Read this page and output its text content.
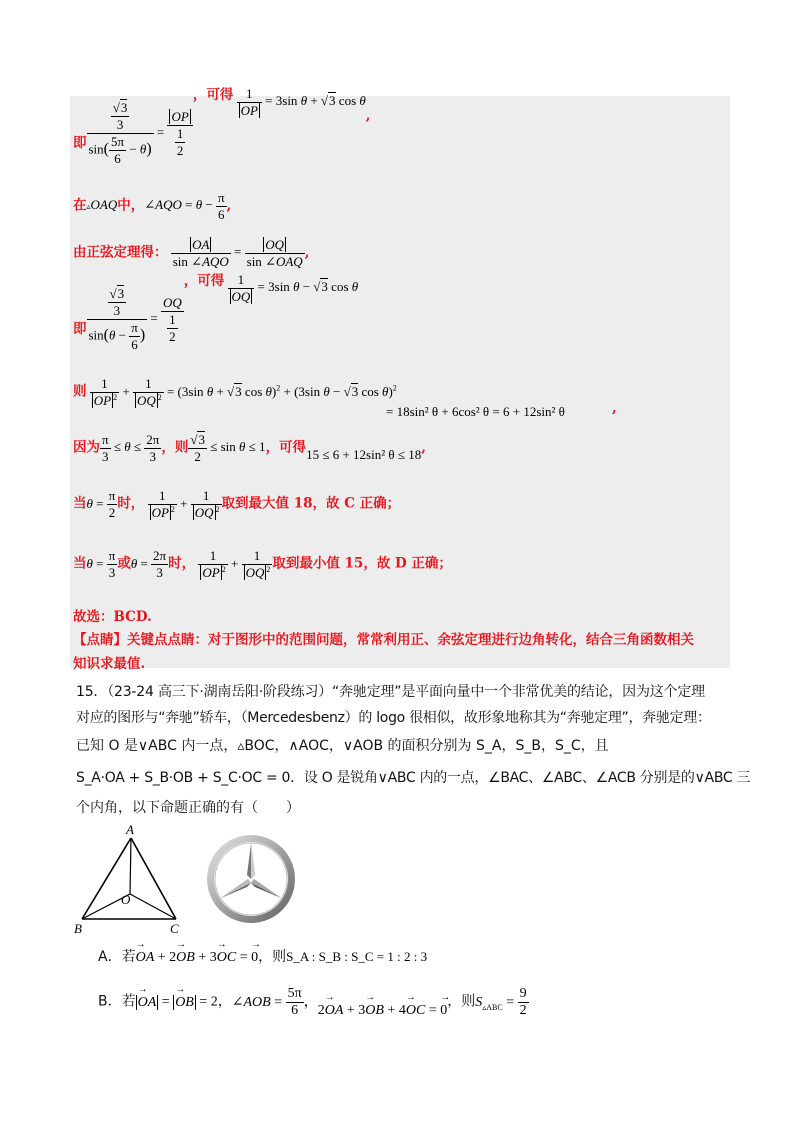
即 $\frac{\frac{√3}{3}}{\sin( \frac{5\pi}{6} - \theta)} = \frac{OP}{\frac{1}{2}}$
，可得 $\frac{1}{OP} = 3\sin$ θ + √3 cos θ,
在▵OAQ中，∠AQO = $\theta - \frac{\pi}{6}$ ,
由正弦定理得：	OA
sin ∠AQO
=	OQ
sin ∠OAQ
,
即 $\frac{\frac{√3}{3}}{\sin(\theta - \frac{\pi}{6} )} = \frac{OQ}{\frac{1}{2}}$
，可得 $\frac{1}{OQ} = 3\sin$ θ − √3 cos θ
则 $\frac{1}{OP ^2} + \frac{1}{OQ ^2} = (3\sin$ θ + √3 cos θ)$^2$ + (3sin θ − √3 cos θ)$^2$
= 18sin² θ + 6cos² θ = 6 + 12sin² θ	,
因为 $\frac{\pi}{3} \le \theta \le \frac{2\pi}{3}$ ，则 $\frac{√3}{2} \le \sin \theta \le 1$，可得15 ≤ 6 + 12sin² θ ≤ 18,
当$\theta = \frac{\pi}{2}$ 时， $\frac{1}{OP ^2} + \frac{1}{OQ ^2}$ 取到最大值 18，故 C 正确；
当$\theta = \frac{\pi}{3}$ 或$\theta = \frac{2\pi}{3}$ 时， $\frac{1}{OP ^2} + \frac{1}{OQ ^2}$ 取到最小值 15，故 D 正确；
故选：BCD.
【点睛】关键点点睛：对于图形中的范围问题，常常利用正、余弦定理进行边角转化，结合三角函数相关
知识求最值.
15．（23-24 高三下·湖南岳阳·阶段练习）“奔驰定理”是平面向量中一个非常优美的结论，因为这个定理
对应的图形与“奔驰”轿车，（Mercedesbenz）的 logo 很相似，故形象地称其为“奔驰定理”，奔驰定理：
已知 O 是∨ABC 内一点，▵BOC，∧AOC，∨AOB 的面积分别为 S_A，S_B，S_C，且
S_A·OA + S_B·OB + S_C·OC = 0．设 O 是锐角∨ABC 内的一点，∠BAC、∠ABC、∠ACB 分别是的∨ABC 三
个内角，以下命题正确的有（　　）
A
B	C
O
A．若→ OA + 2→ OB + 3→ OC = → 0，则S_A : S_B : S_C = 1 : 2 : 3
B．若→ OA = → OB = 2，∠AOB = $\frac{5\pi}{6}$ ，2→ OA + 3→ OB + 4→ OC = → 0，则$S_{▵ABC} = \frac{9}{2}$
